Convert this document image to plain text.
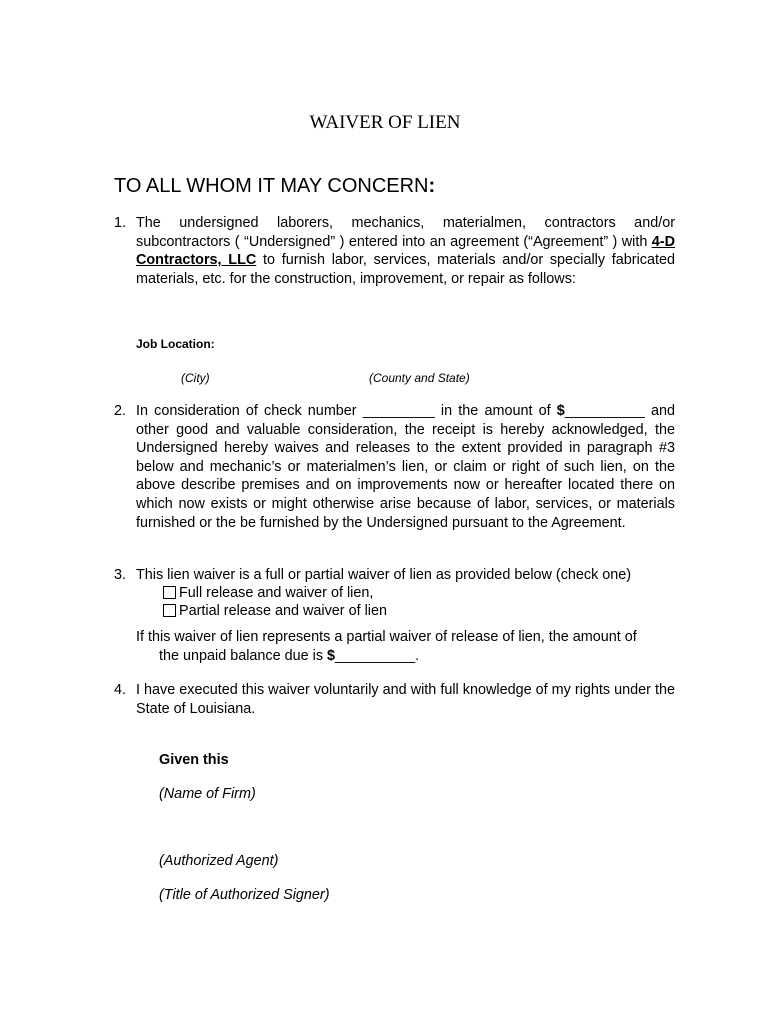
WAIVER OF LIEN
TO ALL WHOM IT MAY CONCERN:
1. The undersigned laborers, mechanics, materialmen, contractors and/or subcontractors ( “Undersigned” ) entered into an agreement (“Agreement” ) with 4-D Contractors, LLC to furnish labor, services, materials and/or specially fabricated materials, etc. for the construction, improvement, or repair as follows:
Job Location:
(City)	(County and State)
2. In consideration of check number _________ in the amount of $__________ and other good and valuable consideration, the receipt is hereby acknowledged, the Undersigned hereby waives and releases to the extent provided in paragraph #3 below and mechanic’s or materialmen’s lien, or claim or right of such lien, on the above describe premises and on improvements now or hereafter located there on which now exists or might otherwise arise because of labor, services, or materials furnished or the be furnished by the Undersigned pursuant to the Agreement.
3. This lien waiver is a full or partial waiver of lien as provided below (check one)
Full release and waiver of lien,
Partial release and waiver of lien
If this waiver of lien represents a partial waiver of release of lien, the amount of
the unpaid balance due is $__________.
4. I have executed this waiver voluntarily and with full knowledge of my rights under the State of Louisiana.
Given this
(Name of Firm)
(Authorized Agent)
(Title of Authorized Signer)
